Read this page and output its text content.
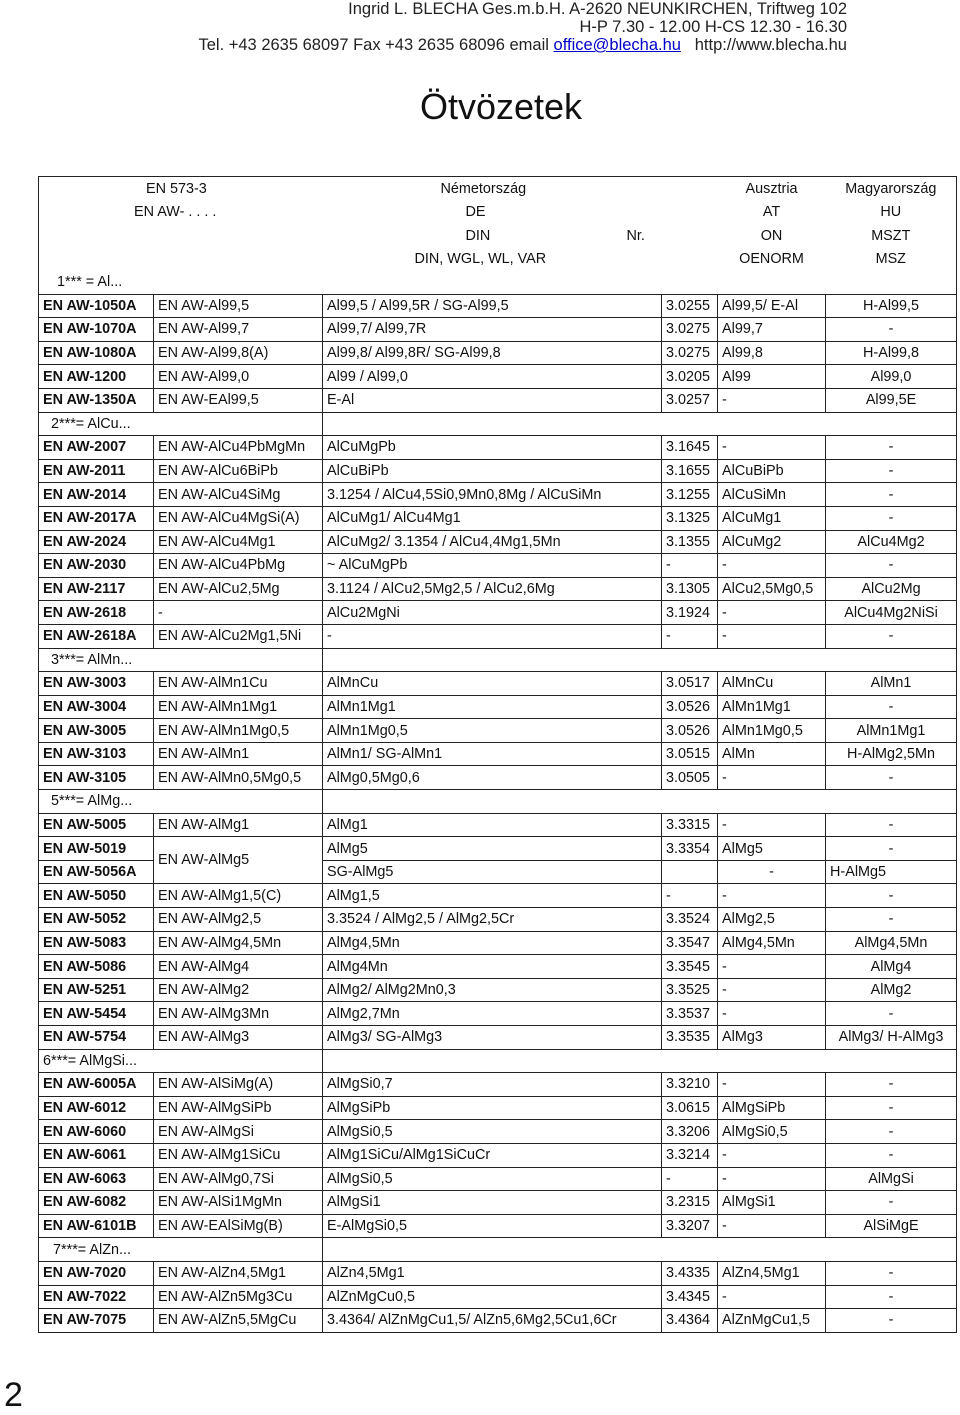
Ingrid L. BLECHA Ges.m.b.H. A-2620 NEUNKIRCHEN, Triftweg 102
H-P 7.30 - 12.00 H-CS 12.30 - 16.30
Tel. +43 2635 68097 Fax +43 2635 68096 email office@blecha.hu http://www.blecha.hu
Ötvözetek
EN 573-3		Németország		Ausztria	Magyarország
EN AW- . . . .		DE		AT	HU
		DIN Nr.		ON	MSZT
		DIN, WGL, WL, VAR		OENORM	MSZ
1*** = Al...					
EN AW-1050A	EN AW-Al99,5	Al99,5 / Al99,5R / SG-Al99,5	3.0255	Al99,5/ E-Al	H-Al99,5
EN AW-1070A	EN AW-Al99,7	Al99,7/ Al99,7R	3.0275	Al99,7	-
EN AW-1080A	EN AW-Al99,8(A)	Al99,8/ Al99,8R/ SG-Al99,8	3.0275	Al99,8	H-Al99,8
EN AW-1200	EN AW-Al99,0	Al99 / Al99,0	3.0205	Al99	Al99,0
EN AW-1350A	EN AW-EAl99,5	E-Al	3.0257	-	Al99,5E
2***= AlCu...					
EN AW-2007	EN AW-AlCu4PbMgMn	AlCuMgPb	3.1645	-	-
EN AW-2011	EN AW-AlCu6BiPb	AlCuBiPb	3.1655	AlCuBiPb	-
EN AW-2014	EN AW-AlCu4SiMg	3.1254 / AlCu4,5Si0,9Mn0,8Mg / AlCuSiMn	3.1255	AlCuSiMn	-
EN AW-2017A	EN AW-AlCu4MgSi(A)	AlCuMg1/ AlCu4Mg1	3.1325	AlCuMg1	-
EN AW-2024	EN AW-AlCu4Mg1	AlCuMg2/ 3.1354 / AlCu4,4Mg1,5Mn	3.1355	AlCuMg2	AlCu4Mg2
EN AW-2030	EN AW-AlCu4PbMg	~ AlCuMgPb	-	-	-
EN AW-2117	EN AW-AlCu2,5Mg	3.1124 / AlCu2,5Mg2,5 / AlCu2,6Mg	3.1305	AlCu2,5Mg0,5	AlCu2Mg
EN AW-2618	-	AlCu2MgNi	3.1924	-	AlCu4Mg2NiSi
EN AW-2618A	EN AW-AlCu2Mg1,5Ni	-	-	-	-
3***= AlMn...					
EN AW-3003	EN AW-AlMn1Cu	AlMnCu	3.0517	AlMnCu	AlMn1
EN AW-3004	EN AW-AlMn1Mg1	AlMn1Mg1	3.0526	AlMn1Mg1	-
EN AW-3005	EN AW-AlMn1Mg0,5	AlMn1Mg0,5	3.0526	AlMn1Mg0,5	AlMn1Mg1
EN AW-3103	EN AW-AlMn1	AlMn1/ SG-AlMn1	3.0515	AlMn	H-AlMg2,5Mn
EN AW-3105	EN AW-AlMn0,5Mg0,5	AlMg0,5Mg0,6	3.0505	-	-
5***= AlMg...					
EN AW-5005	EN AW-AlMg1	AlMg1	3.3315	-	-
EN AW-5019	EN AW-AlMg5	AlMg5	3.3354	AlMg5	-
EN AW-5056A		SG-AlMg5		-	H-AlMg5
EN AW-5050	EN AW-AlMg1,5(C)	AlMg1,5	-	-	-
EN AW-5052	EN AW-AlMg2,5	3.3524 / AlMg2,5 / AlMg2,5Cr	3.3524	AlMg2,5	-
EN AW-5083	EN AW-AlMg4,5Mn	AlMg4,5Mn	3.3547	AlMg4,5Mn	AlMg4,5Mn
EN AW-5086	EN AW-AlMg4	AlMg4Mn	3.3545	-	AlMg4
EN AW-5251	EN AW-AlMg2	AlMg2/ AlMg2Mn0,3	3.3525	-	AlMg2
EN AW-5454	EN AW-AlMg3Mn	AlMg2,7Mn	3.3537	-	-
EN AW-5754	EN AW-AlMg3	AlMg3/ SG-AlMg3	3.3535	AlMg3	AlMg3/ H-AlMg3
6***= AlMgSi...					
EN AW-6005A	EN AW-AlSiMg(A)	AlMgSi0,7	3.3210	-	-
EN AW-6012	EN AW-AlMgSiPb	AlMgSiPb	3.0615	AlMgSiPb	-
EN AW-6060	EN AW-AlMgSi	AlMgSi0,5	3.3206	AlMgSi0,5	-
EN AW-6061	EN AW-AlMg1SiCu	AlMg1SiCu/AlMg1SiCuCr	3.3214	-	-
EN AW-6063	EN AW-AlMg0,7Si	AlMgSi0,5	-	-	AlMgSi
EN AW-6082	EN AW-AlSi1MgMn	AlMgSi1	3.2315	AlMgSi1	-
EN AW-6101B	EN AW-EAlSiMg(B)	E-AlMgSi0,5	3.3207	-	AlSiMgE
7***= AlZn...					
EN AW-7020	EN AW-AlZn4,5Mg1	AlZn4,5Mg1	3.4335	AlZn4,5Mg1	-
EN AW-7022	EN AW-AlZn5Mg3Cu	AlZnMgCu0,5	3.4345	-	-
EN AW-7075	EN AW-AlZn5,5MgCu	3.4364/ AlZnMgCu1,5/ AlZn5,6Mg2,5Cu1,6Cr	3.4364	AlZnMgCu1,5	-
2
